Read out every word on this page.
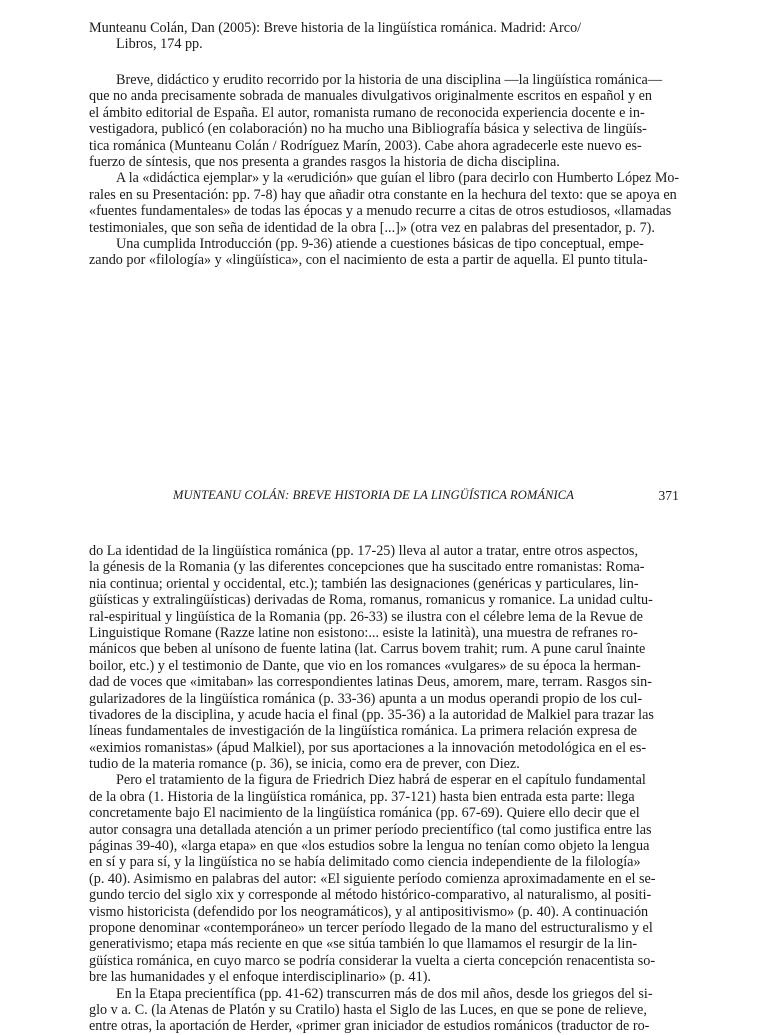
Munteanu Colán, Dan (2005): Breve historia de la lingüística románica. Madrid: Arco/
Libros, 174 pp.
Breve, didáctico y erudito recorrido por la historia de una disciplina —la lingüística románica—
que no anda precisamente sobrada de manuales divulgativos originalmente escritos en español y en
el ámbito editorial de España. El autor, romanista rumano de reconocida experiencia docente e in-
vestigadora, publicó (en colaboración) no ha mucho una Bibliografía básica y selectiva de lingüís-
tica románica (Munteanu Colán / Rodríguez Marín, 2003). Cabe ahora agradecerle este nuevo es-
fuerzo de síntesis, que nos presenta a grandes rasgos la historia de dicha disciplina.
A la «didáctica ejemplar» y la «erudición» que guían el libro (para decirlo con Humberto López Mo-
rales en su Presentación: pp. 7-8) hay que añadir otra constante en la hechura del texto: que se apoya en
«fuentes fundamentales» de todas las épocas y a menudo recurre a citas de otros estudiosos, «llamadas
testimoniales, que son seña de identidad de la obra [...]» (otra vez en palabras del presentador, p. 7).
Una cumplida Introducción (pp. 9-36) atiende a cuestiones básicas de tipo conceptual, empe-
zando por «filología» y «lingüística», con el nacimiento de esta a partir de aquella. El punto titula-
MUNTEANU COLÁN: BREVE HISTORIA DE LA LINGÜÍSTICA ROMÁNICA	371
do La identidad de la lingüística románica (pp. 17-25) lleva al autor a tratar, entre otros aspectos,
la génesis de la Romania (y las diferentes concepciones que ha suscitado entre romanistas: Roma-
nia continua; oriental y occidental, etc.); también las designaciones (genéricas y particulares, lin-
güísticas y extralingüísticas) derivadas de Roma, romanus, romanicus y romanice. La unidad cultu-
ral-espiritual y lingüística de la Romania (pp. 26-33) se ilustra con el célebre lema de la Revue de
Linguistique Romane (Razze latine non esistono:... esiste la latinità), una muestra de refranes ro-
mánicos que beben al unísono de fuente latina (lat. Carrus bovem trahit; rum. A pune carul înainte
boilor, etc.) y el testimonio de Dante, que vio en los romances «vulgares» de su época la herman-
dad de voces que «imitaban» las correspondientes latinas Deus, amorem, mare, terram. Rasgos sin-
gularizadores de la lingüística románica (p. 33-36) apunta a un modus operandi propio de los cul-
tivadores de la disciplina, y acude hacia el final (pp. 35-36) a la autoridad de Malkiel para trazar las
líneas fundamentales de investigación de la lingüística románica. La primera relación expresa de
«eximios romanistas» (ápud Malkiel), por sus aportaciones a la innovación metodológica en el es-
tudio de la materia romance (p. 36), se inicia, como era de prever, con Diez.
Pero el tratamiento de la figura de Friedrich Diez habrá de esperar en el capítulo fundamental
de la obra (1. Historia de la lingüística románica, pp. 37-121) hasta bien entrada esta parte: llega
concretamente bajo El nacimiento de la lingüística románica (pp. 67-69). Quiere ello decir que el
autor consagra una detallada atención a un primer período precientífico (tal como justifica entre las
páginas 39-40), «larga etapa» en que «los estudios sobre la lengua no tenían como objeto la lengua
en sí y para sí, y la lingüística no se había delimitado como ciencia independiente de la filología»
(p. 40). Asimismo en palabras del autor: «El siguiente período comienza aproximadamente en el se-
gundo tercio del siglo xix y corresponde al método histórico-comparativo, al naturalismo, al positi-
vismo historicista (defendido por los neogramáticos), y al antipositivismo» (p. 40). A continuación
propone denominar «contemporáneo» un tercer período llegado de la mano del estructuralismo y el
generativismo; etapa más reciente en que «se sitúa también lo que llamamos el resurgir de la lin-
güística románica, en cuyo marco se podría considerar la vuelta a cierta concepción renacentista so-
bre las humanidades y el enfoque interdisciplinario» (p. 41).
En la Etapa precientífica (pp. 41-62) transcurren más de dos mil años, desde los griegos del si-
glo v a. C. (la Atenas de Platón y su Cratilo) hasta el Siglo de las Luces, en que se pone de relieve,
entre otras, la aportación de Herder, «primer gran iniciador de estudios románicos (traductor de ro-
